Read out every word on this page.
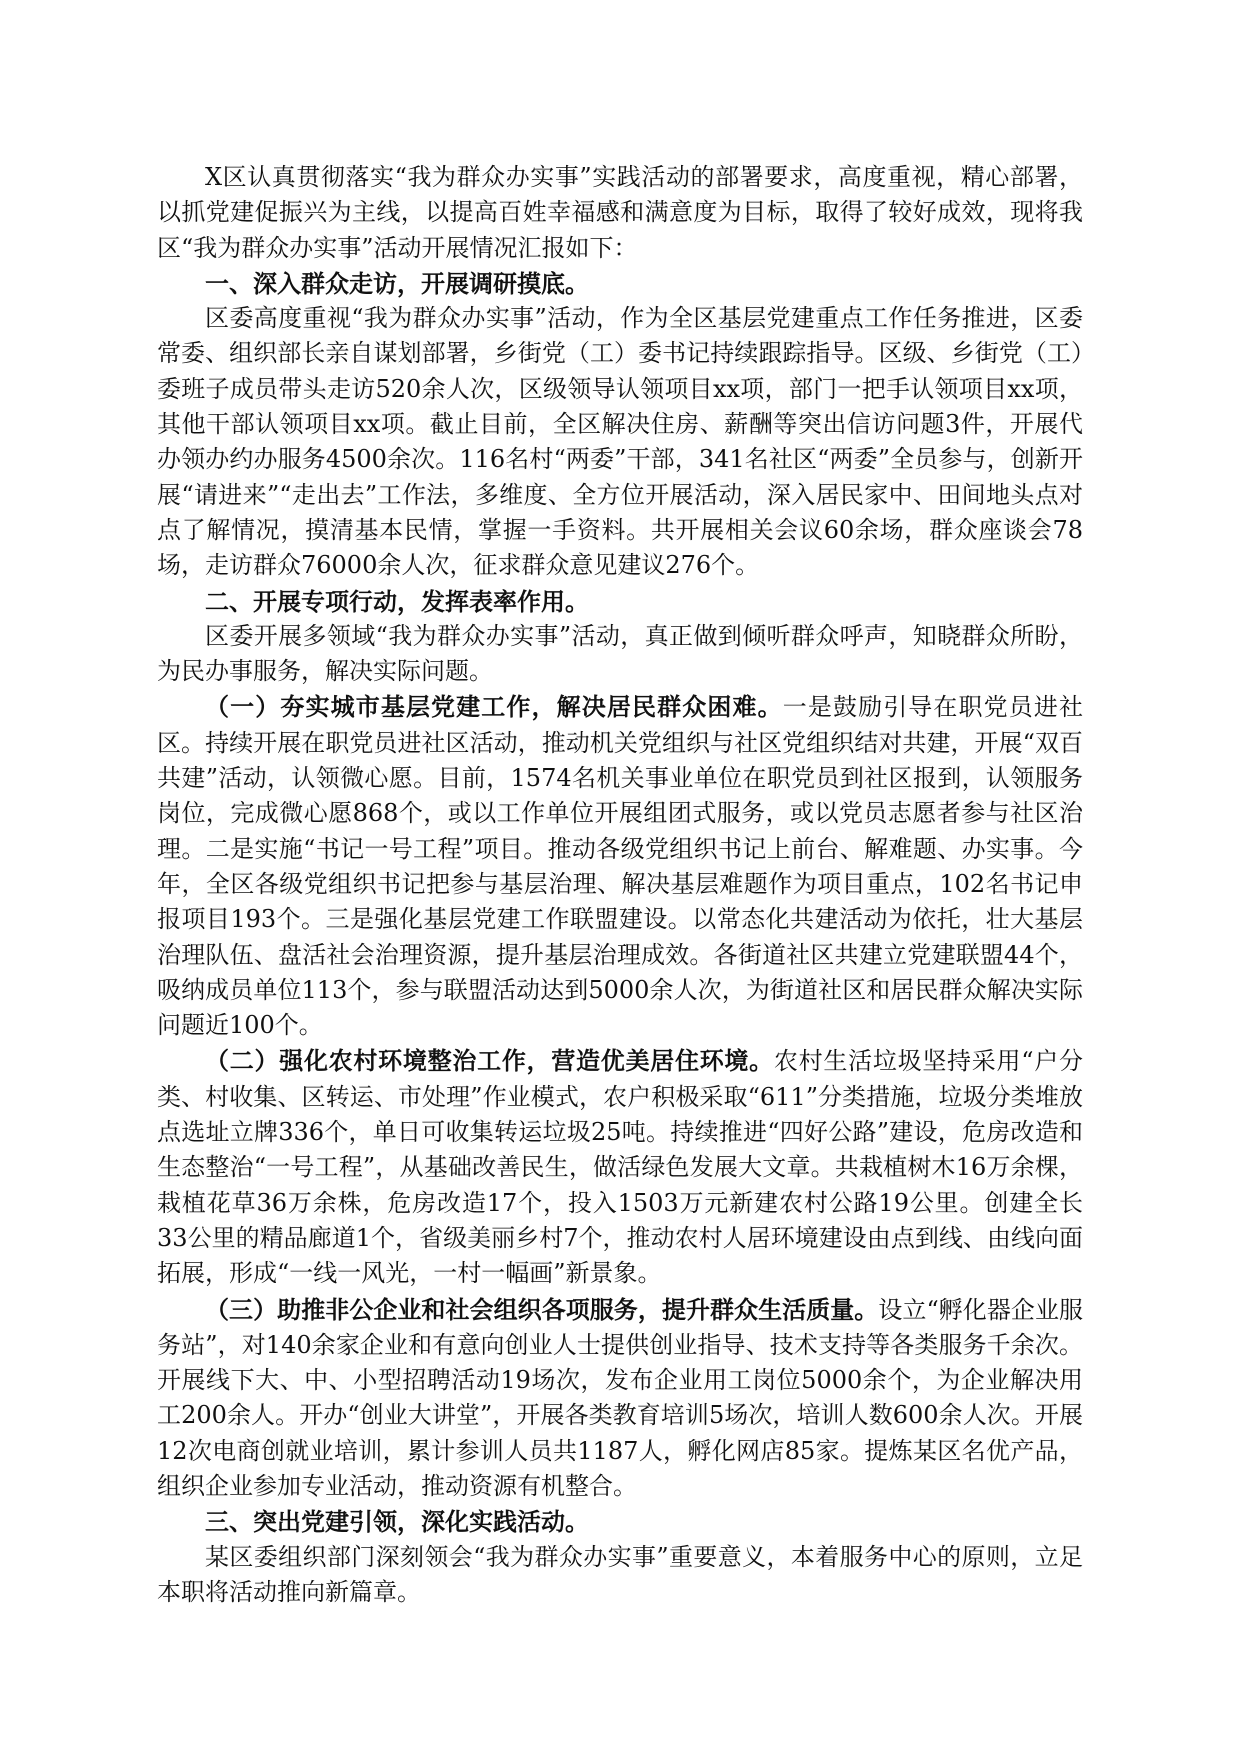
X区认真贯彻落实“我为群众办实事”实践活动的部署要求，高度重视，精心部署，以抓党建促振兴为主线，以提高百姓幸福感和满意度为目标，取得了较好成效，现将我区“我为群众办实事”活动开展情况汇报如下：

一、深入群众走访，开展调研摸底。

区委高度重视“我为群众办实事”活动，作为全区基层党建重点工作任务推进，区委常委、组织部长亲自谋划部署，乡街党（工）委书记持续跟踪指导。区级、乡街党（工）委班子成员带头走访520余人次，区级领导认领项目xx项，部门一把手认领项目xx项，其他干部认领项目xx项。截止目前，全区解决住房、薪酬等突出信访问题3件，开展代办领办约办服务4500余次。116名村“两委”干部，341名社区“两委”全员参与，创新开展“请进来”“走出去”工作法，多维度、全方位开展活动，深入居民家中、田间地头点对点了解情况，摸清基本民情，掌握一手资料。共开展相关会议60余场，群众座谈会78场，走访群众76000余人次，征求群众意见建议276个。

二、开展专项行动，发挥表率作用。

区委开展多领域“我为群众办实事”活动，真正做到倾听群众呼声，知晓群众所盼，为民办事服务，解决实际问题。

（一）夯实城市基层党建工作，解决居民群众困难。一是鼓励引导在职党员进社区。持续开展在职党员进社区活动，推动机关党组织与社区党组织结对共建，开展“双百共建”活动，认领微心愿。目前，1574名机关事业单位在职党员到社区报到，认领服务岗位，完成微心愿868个，或以工作单位开展组团式服务，或以党员志愿者参与社区治理。二是实施“书记一号工程”项目。推动各级党组织书记上前台、解难题、办实事。今年，全区各级党组织书记把参与基层治理、解决基层难题作为项目重点，102名书记申报项目193个。三是强化基层党建工作联盟建设。以常态化共建活动为依托，壮大基层治理队伍、盘活社会治理资源，提升基层治理成效。各街道社区共建立党建联盟44个，吸纳成员单位113个，参与联盟活动达到5000余人次，为街道社区和居民群众解决实际问题近100个。

（二）强化农村环境整治工作，营造优美居住环境。农村生活垃圾坚持采用“户分类、村收集、区转运、市处理”作业模式，农户积极采取“611”分类措施，垃圾分类堆放点选址立牌336个，单日可收集转运垃圾25吨。持续推进“四好公路”建设，危房改造和生态整治“一号工程”，从基础改善民生，做活绿色发展大文章。共栽植树木16万余棵，栽植花草36万余株，危房改造17个，投入1503万元新建农村公路19公里。创建全长33公里的精品廊道1个，省级美丽乡村7个，推动农村人居环境建设由点到线、由线向面拓展，形成“一线一风光，一村一幅画”新景象。

（三）助推非公企业和社会组织各项服务，提升群众生活质量。设立“孵化器企业服务站”，对140余家企业和有意向创业人士提供创业指导、技术支持等各类服务千余次。开展线下大、中、小型招聘活动19场次，发布企业用工岗位5000余个，为企业解决用工200余人。开办“创业大讲堂”，开展各类教育培训5场次，培训人数600余人次。开展12次电商创就业培训，累计参训人员共1187人，孵化网店85家。提炼某区名优产品，组织企业参加专业活动，推动资源有机整合。

三、突出党建引领，深化实践活动。

某区委组织部门深刻领会“我为群众办实事”重要意义，本着服务中心的原则，立足本职将活动推向新篇章。
